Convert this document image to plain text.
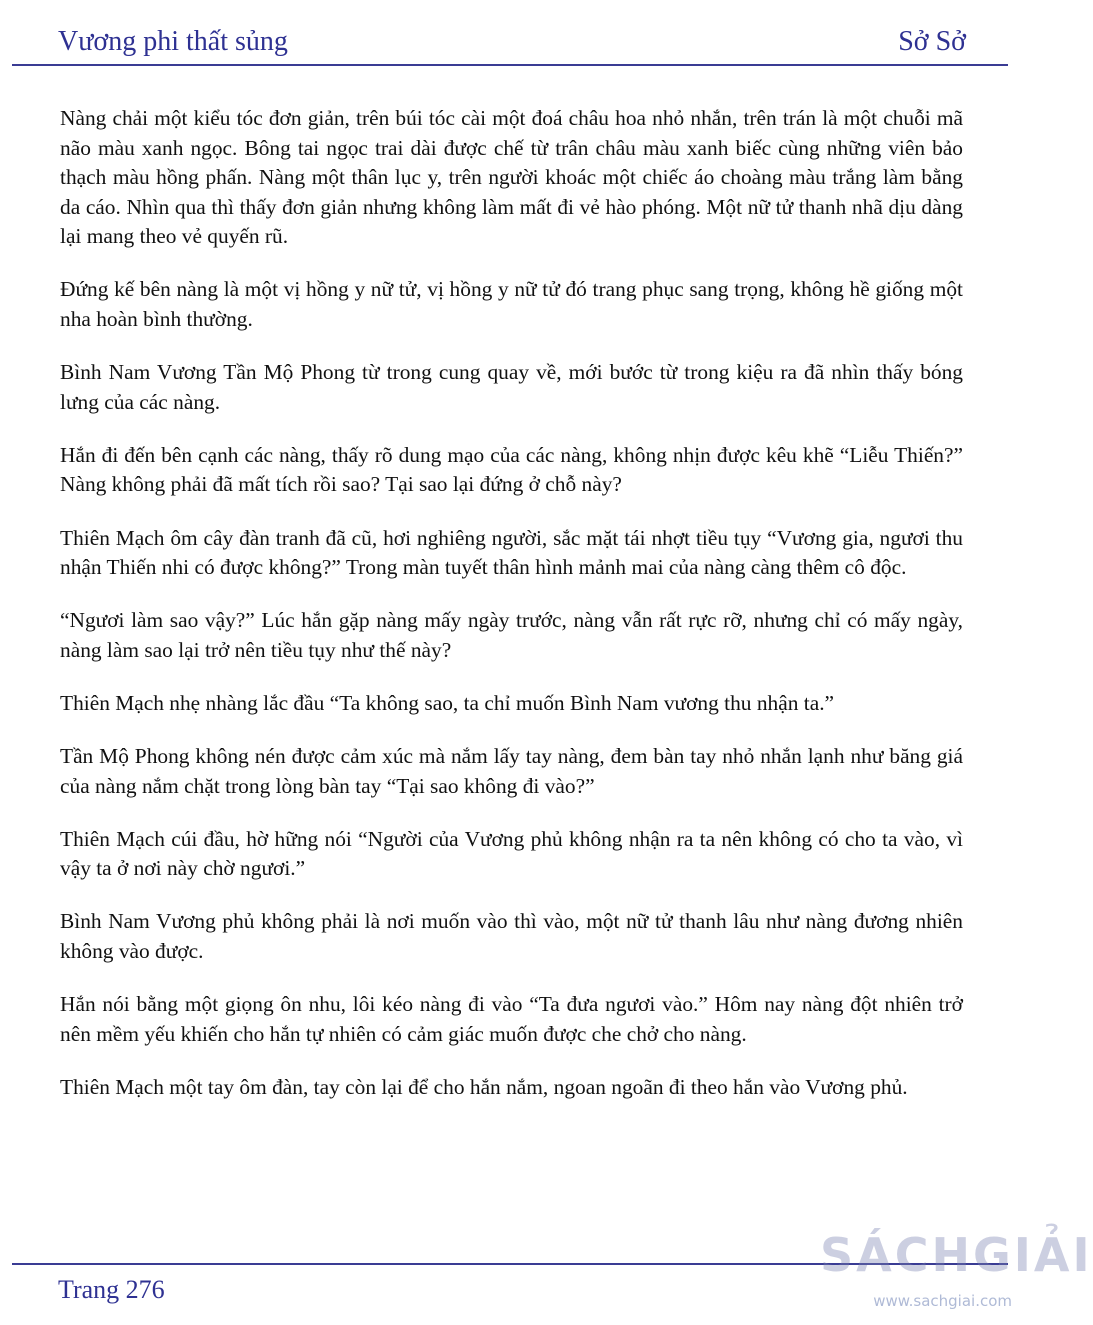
Vương phi thất sủng	Sở Sở

Nàng chải một kiểu tóc đơn giản, trên búi tóc cài một đoá châu hoa nhỏ nhắn, trên trán là một chuỗi mã não màu xanh ngọc. Bông tai ngọc trai dài được chế từ trân châu màu xanh biếc cùng những viên bảo thạch màu hồng phấn. Nàng một thân lục y, trên người khoác một chiếc áo choàng màu trắng làm bằng da cáo. Nhìn qua thì thấy đơn giản nhưng không làm mất đi vẻ hào phóng. Một nữ tử thanh nhã dịu dàng lại mang theo vẻ quyến rũ.

Đứng kế bên nàng là một vị hồng y nữ tử, vị hồng y nữ tử đó trang phục sang trọng, không hề giống một nha hoàn bình thường.

Bình Nam Vương Tần Mộ Phong từ trong cung quay về, mới bước từ trong kiệu ra đã nhìn thấy bóng lưng của các nàng.

Hắn đi đến bên cạnh các nàng, thấy rõ dung mạo của các nàng, không nhịn được kêu khẽ “Liễu Thiến?” Nàng không phải đã mất tích rồi sao? Tại sao lại đứng ở chỗ này?

Thiên Mạch ôm cây đàn tranh đã cũ, hơi nghiêng người, sắc mặt tái nhợt tiều tụy “Vương gia, ngươi thu nhận Thiến nhi có được không?” Trong màn tuyết thân hình mảnh mai của nàng càng thêm cô độc.

“Ngươi làm sao vậy?” Lúc hắn gặp nàng mấy ngày trước, nàng vẫn rất rực rỡ, nhưng chỉ có mấy ngày, nàng làm sao lại trở nên tiều tụy như thế này?

Thiên Mạch nhẹ nhàng lắc đầu “Ta không sao, ta chỉ muốn Bình Nam vương thu nhận ta.”

Tần Mộ Phong không nén được cảm xúc mà nắm lấy tay nàng, đem bàn tay nhỏ nhắn lạnh như băng giá của nàng nắm chặt trong lòng bàn tay “Tại sao không đi vào?”

Thiên Mạch cúi đầu, hờ hững nói “Người của Vương phủ không nhận ra ta nên không có cho ta vào, vì vậy ta ở nơi này chờ ngươi.”

Bình Nam Vương phủ không phải là nơi muốn vào thì vào, một nữ tử thanh lâu như nàng đương nhiên không vào được.

Hắn nói bằng một giọng ôn nhu, lôi kéo nàng đi vào “Ta đưa ngươi vào.” Hôm nay nàng đột nhiên trở nên mềm yếu khiến cho hắn tự nhiên có cảm giác muốn được che chở cho nàng.

Thiên Mạch một tay ôm đàn, tay còn lại để cho hắn nắm, ngoan ngoãn đi theo hắn vào Vương phủ.

Trang 276
SÁCHGIẢI
www.sachgiai.com
